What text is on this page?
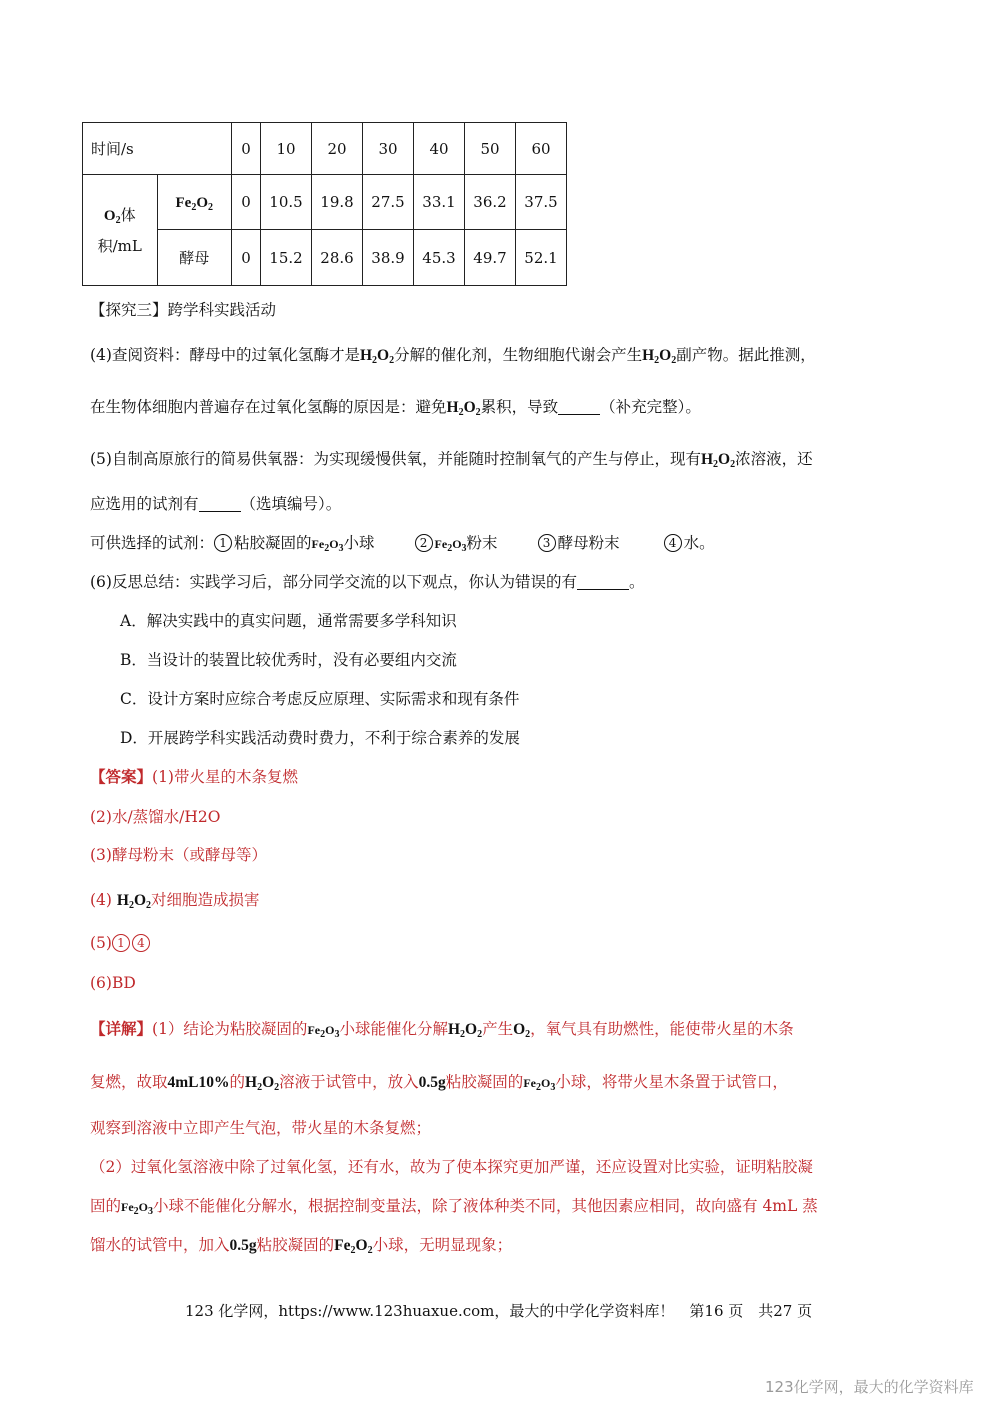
时间/s		0	10	20	30	40	50	60
$O_2$体
积/mL	$Fe_2O_2$	0	10.5	19.8	27.5	33.1	36.2	37.5
	酵母	0	15.2	28.6	38.9	45.3	49.7	52.1
【探究三】跨学科实践活动
(4)查阅资料：酵母中的过氧化氢酶才是$H_2O_2$分解的催化剂，生物细胞代谢会产生$H_2O_2$副产物。据此推测，
在生物体细胞内普遍存在过氧化氢酶的原因是：避免$H_2O_2$累积，导致	（补充完整）。
(5)自制高原旅行的简易供氧器：为实现缓慢供氧，并能随时控制氧气的产生与停止，现有$H_2O_2$浓溶液，还
应选用的试剂有	（选填编号）。
可供选择的试剂： 1 粘胶凝固的$Fe_2O_3$小球	2 $Fe_2O_3$粉末	3 酵母粉末	4 水。
(6)反思总结：实践学习后，部分同学交流的以下观点，你认为错误的有	。
A．解决实践中的真实问题，通常需要多学科知识
B．当设计的装置比较优秀时，没有必要组内交流
C．设计方案时应综合考虑反应原理、实际需求和现有条件
D．开展跨学科实践活动费时费力，不利于综合素养的发展
【答案】(1)带火星的木条复燃
(2)水/蒸馏水/H2O
(3)酵母粉末（或酵母等）
(4) $H_2O_2$对细胞造成损害
(5) 1 4
(6)BD
【详解】(1）结论为粘胶凝固的$Fe_2O_3$小球能催化分解$H_2O_2$产生$O_2$，氧气具有助燃性，能使带火星的木条
复燃，故取4mL10%的$H_2O_2$溶液于试管中，放入0.5g粘胶凝固的$Fe_2O_3$小球，将带火星木条置于试管口，
观察到溶液中立即产生气泡，带火星的木条复燃；
（2）过氧化氢溶液中除了过氧化氢，还有水，故为了使本探究更加严谨，还应设置对比实验，证明粘胶凝
固的$Fe_2O_3$小球不能催化分解水，根据控制变量法，除了液体种类不同，其他因素应相同，故向盛有 4mL 蒸
馏水的试管中，加入0.5g粘胶凝固的$Fe_2O_2$小球，无明显现象；
123 化学网，https://www.123huaxue.com，最大的中学化学资料库！　第16 页　共27 页
123化学网，最大的化学资料库
